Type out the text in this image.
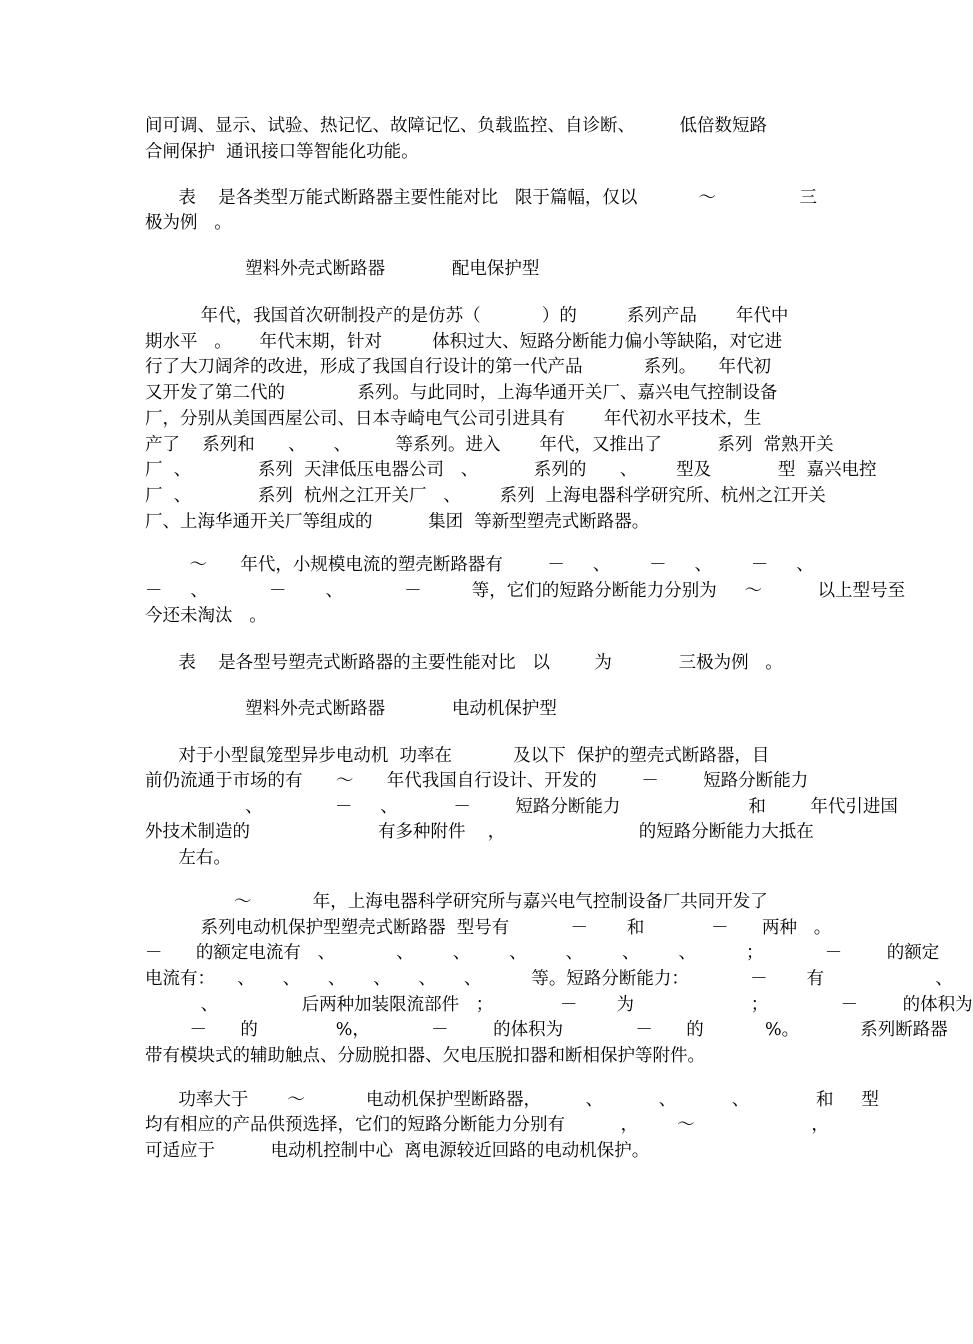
间可调、显示、试验、热记忆、故障记忆、负载监控、自诊断、        低倍数短路
合闸保护  通讯接口等智能化功能。
表    是各类型万能式断路器主要性能对比   限于篇幅，仅以           ～               三
极为例   。
塑料外壳式断路器            配电保护型
年代，我国首次研制投产的是仿苏（           ）的         系列产品       年代中
期水平   。     年代末期，针对         体积过大、短路分断能力偏小等缺陷，对它进
行了大刀阔斧的改进，形成了我国自行设计的第一代产品           系列。    年代初
又开发了第二代的             系列。与此同时，上海华通开关厂、嘉兴电气控制设备
厂，分别从美国西屋公司、日本寺崎电气公司引进具有       年代初水平技术，生
产了    系列和      、     、        等系列。进入       年代，又推出了          系列  常熟开关
厂  、            系列  天津低压电器公司   、          系列的      、       型及            型  嘉兴电控
厂  、            系列  杭州之江开关厂   、       系列  上海电器科学研究所、杭州之江开关
厂、上海华通开关厂等组成的          集团  等新型塑壳式断路器。
～      年代，小规模电流的塑壳断路器有        －     、       －     、       －     、
－     、           －       、           －         等，它们的短路分断能力分别为     ～          以上型号至
今还未淘汰   。
表    是各型号塑壳式断路器的主要性能对比   以        为            三极为例   。
塑料外壳式断路器            电动机保护型
对于小型鼠笼型异步电动机  功率在           及以下  保护的塑壳式断路器，目
前仍流通于市场的有      ～      年代我国自行设计、开发的        －        短路分断能力
、             －     、          －        短路分断能力                       和        年代引进国
外技术制造的                       有多种附件    ，                        的短路分断能力大抵在
左右。
～           年，上海电器科学研究所与嘉兴电气控制设备厂共同开发了
系列电动机保护型塑壳式断路器  型号有           －       和            －      两种   。
－      的额定电流有   、           、       、       、       、       、       、         ；           －        的额定
电流有：    、     、     、     、     、     、         等。短路分断能力：           －       有                    、
、               后两种加装限流部件   ；            －       为                     ；             －        的体积为
－      的              %，           －        的体积为             －      的           %。           系列断路器
带有模块式的辅助触点、分励脱扣器、欠电压脱扣器和断相保护等附件。
功率大于       ～           电动机保护型断路器，        、          、          、            和     型
均有相应的产品供预选择，它们的短路分断能力分别有          ，       ～                     ，
可适应于          电动机控制中心  离电源较近回路的电动机保护。
